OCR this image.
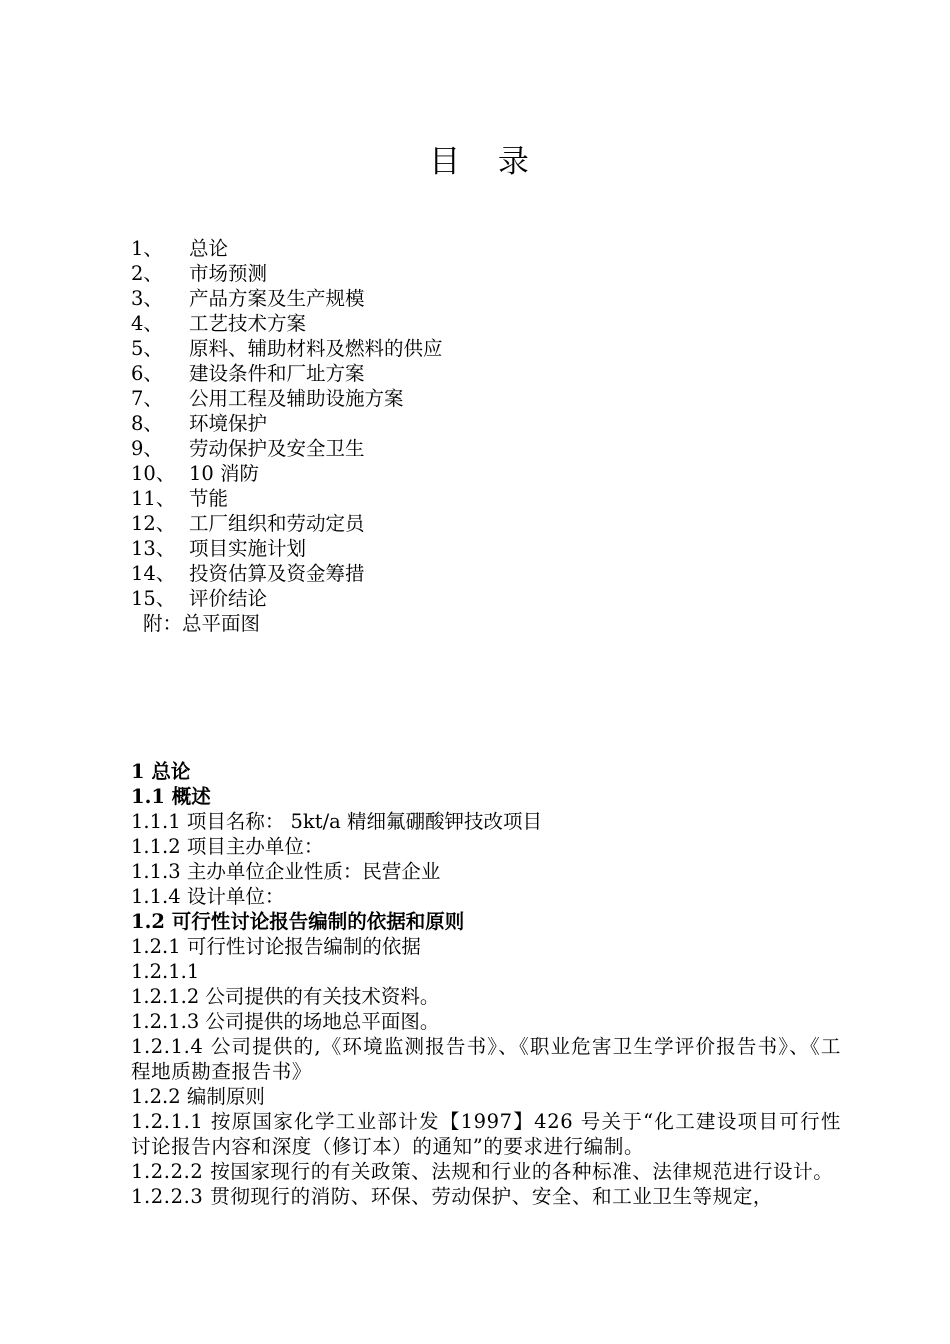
目 录
1、 总论
2、 市场预测
3、 产品方案及生产规模
4、 工艺技术方案
5、 原料、辅助材料及燃料的供应
6、 建设条件和厂址方案
7、 公用工程及辅助设施方案
8、 环境保护
9、 劳动保护及安全卫生
10、 10 消防
11、 节能
12、 工厂组织和劳动定员
13、 项目实施计划
14、 投资估算及资金筹措
15、 评价结论
附：总平面图
1 总论
1.1 概述
1.1.1 项目名称： 5kt/a 精细氟硼酸钾技改项目
1.1.2 项目主办单位：
1.1.3 主办单位企业性质：民营企业
1.1.4 设计单位：
1.2 可行性讨论报告编制的依据和原则
1.2.1 可行性讨论报告编制的依据
1.2.1.1
1.2.1.2 公司提供的有关技术资料。
1.2.1.3 公司提供的场地总平面图。
1.2.1.4 公司提供的,《环境监测报告书》、《职业危害卫生学评价报告书》、《工程地质勘查报告书》
1.2.2 编制原则
1.2.1.1 按原国家化学工业部计发【1997】426 号关于“化工建设项目可行性讨论报告内容和深度（修订本）的通知”的要求进行编制。
1.2.2.2 按国家现行的有关政策、法规和行业的各种标准、法律规范进行设计。
1.2.2.3 贯彻现行的消防、环保、劳动保护、安全、和工业卫生等规定，
